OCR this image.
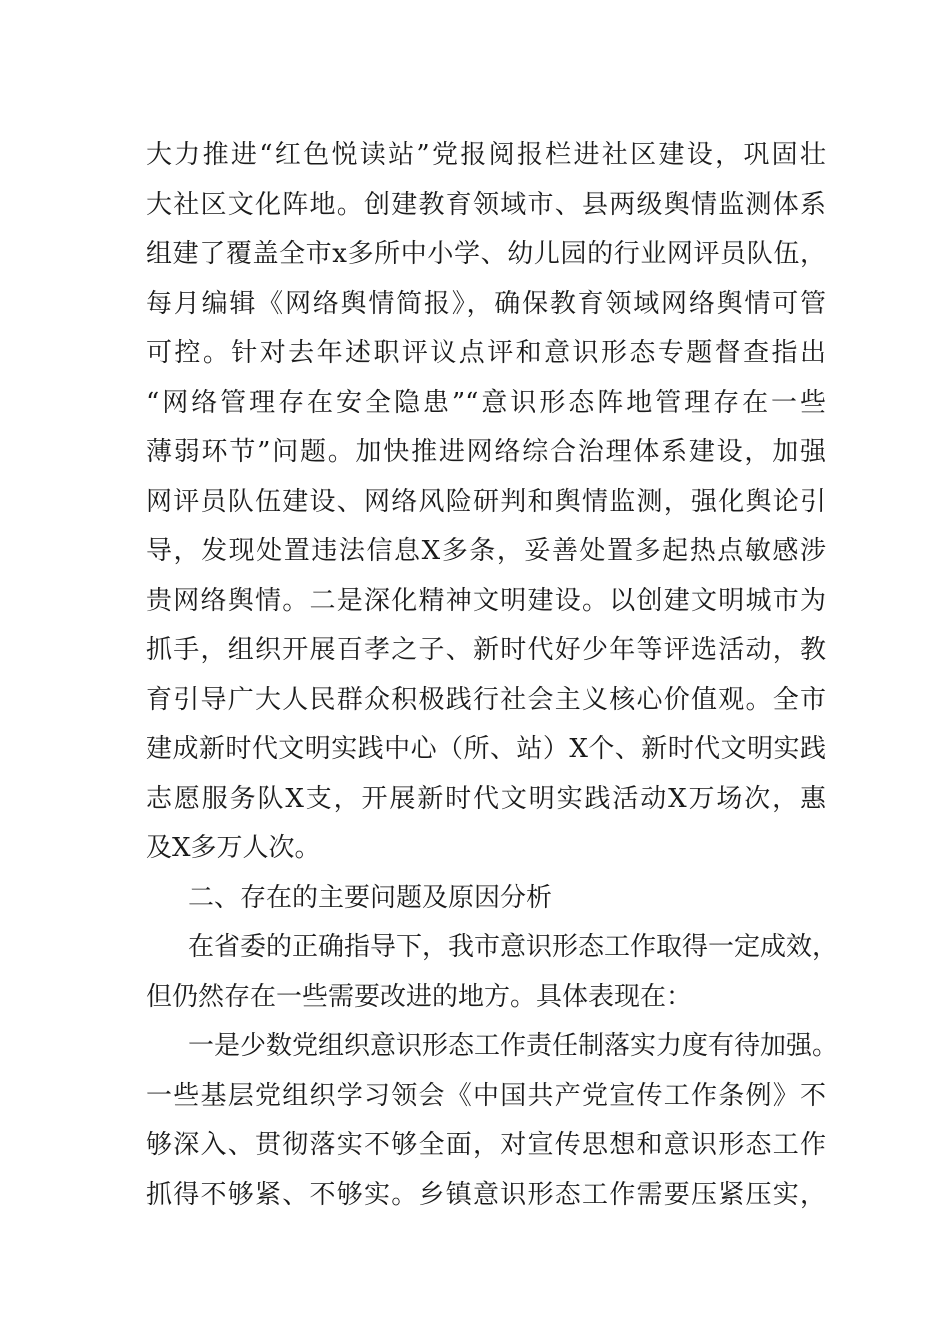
大力推进“红色悦读站”党报阅报栏进社区建设，巩固壮
大社区文化阵地。创建教育领域市、县两级舆情监测体系
组建了覆盖全市x多所中小学、幼儿园的行业网评员队伍，
每月编辑《网络舆情简报》，确保教育领域网络舆情可管
可控。针对去年述职评议点评和意识形态专题督查指出
“网络管理存在安全隐患”“意识形态阵地管理存在一些
薄弱环节”问题。加快推进网络综合治理体系建设，加强
网评员队伍建设、网络风险研判和舆情监测，强化舆论引
导，发现处置违法信息X多条，妥善处置多起热点敏感涉
贵网络舆情。二是深化精神文明建设。以创建文明城市为
抓手，组织开展百孝之子、新时代好少年等评选活动，教
育引导广大人民群众积极践行社会主义核心价值观。全市
建成新时代文明实践中心（所、站）X个、新时代文明实践
志愿服务队X支，开展新时代文明实践活动X万场次，惠
及X多万人次。
二、存在的主要问题及原因分析
在省委的正确指导下，我市意识形态工作取得一定成效，
但仍然存在一些需要改进的地方。具体表现在：
一是少数党组织意识形态工作责任制落实力度有待加强。
一些基层党组织学习领会《中国共产党宣传工作条例》不
够深入、贯彻落实不够全面，对宣传思想和意识形态工作
抓得不够紧、不够实。乡镇意识形态工作需要压紧压实，
